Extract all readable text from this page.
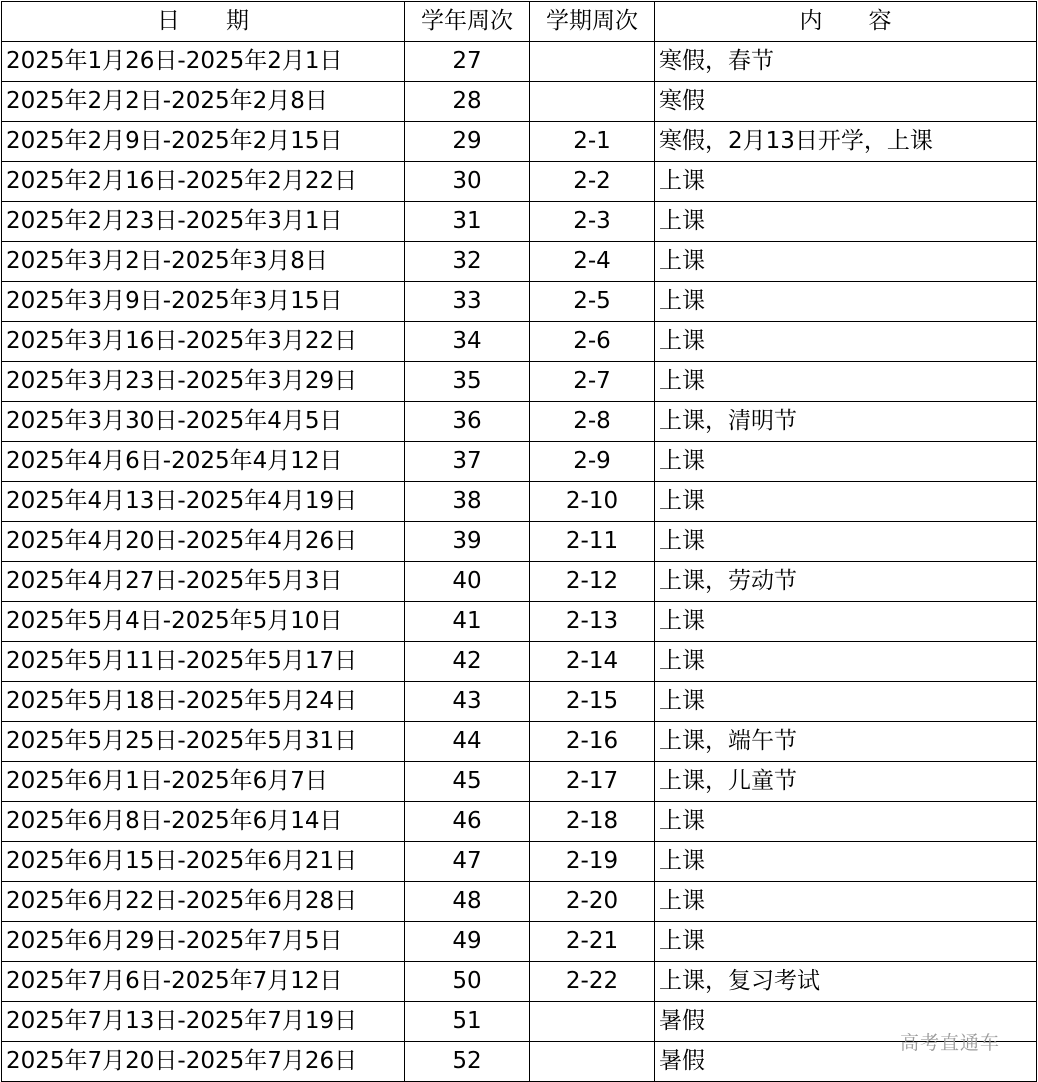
日　　期	学年周次	学期周次	内　　容
2025年1月26日-2025年2月1日	27		寒假，春节
2025年2月2日-2025年2月8日	28		寒假
2025年2月9日-2025年2月15日	29	2-1	寒假，2月13日开学，上课
2025年2月16日-2025年2月22日	30	2-2	上课
2025年2月23日-2025年3月1日	31	2-3	上课
2025年3月2日-2025年3月8日	32	2-4	上课
2025年3月9日-2025年3月15日	33	2-5	上课
2025年3月16日-2025年3月22日	34	2-6	上课
2025年3月23日-2025年3月29日	35	2-7	上课
2025年3月30日-2025年4月5日	36	2-8	上课，清明节
2025年4月6日-2025年4月12日	37	2-9	上课
2025年4月13日-2025年4月19日	38	2-10	上课
2025年4月20日-2025年4月26日	39	2-11	上课
2025年4月27日-2025年5月3日	40	2-12	上课，劳动节
2025年5月4日-2025年5月10日	41	2-13	上课
2025年5月11日-2025年5月17日	42	2-14	上课
2025年5月18日-2025年5月24日	43	2-15	上课
2025年5月25日-2025年5月31日	44	2-16	上课，端午节
2025年6月1日-2025年6月7日	45	2-17	上课，儿童节
2025年6月8日-2025年6月14日	46	2-18	上课
2025年6月15日-2025年6月21日	47	2-19	上课
2025年6月22日-2025年6月28日	48	2-20	上课
2025年6月29日-2025年7月5日	49	2-21	上课
2025年7月6日-2025年7月12日	50	2-22	上课，复习考试
2025年7月13日-2025年7月19日	51		暑假
2025年7月20日-2025年7月26日	52		暑假
高考直通车
